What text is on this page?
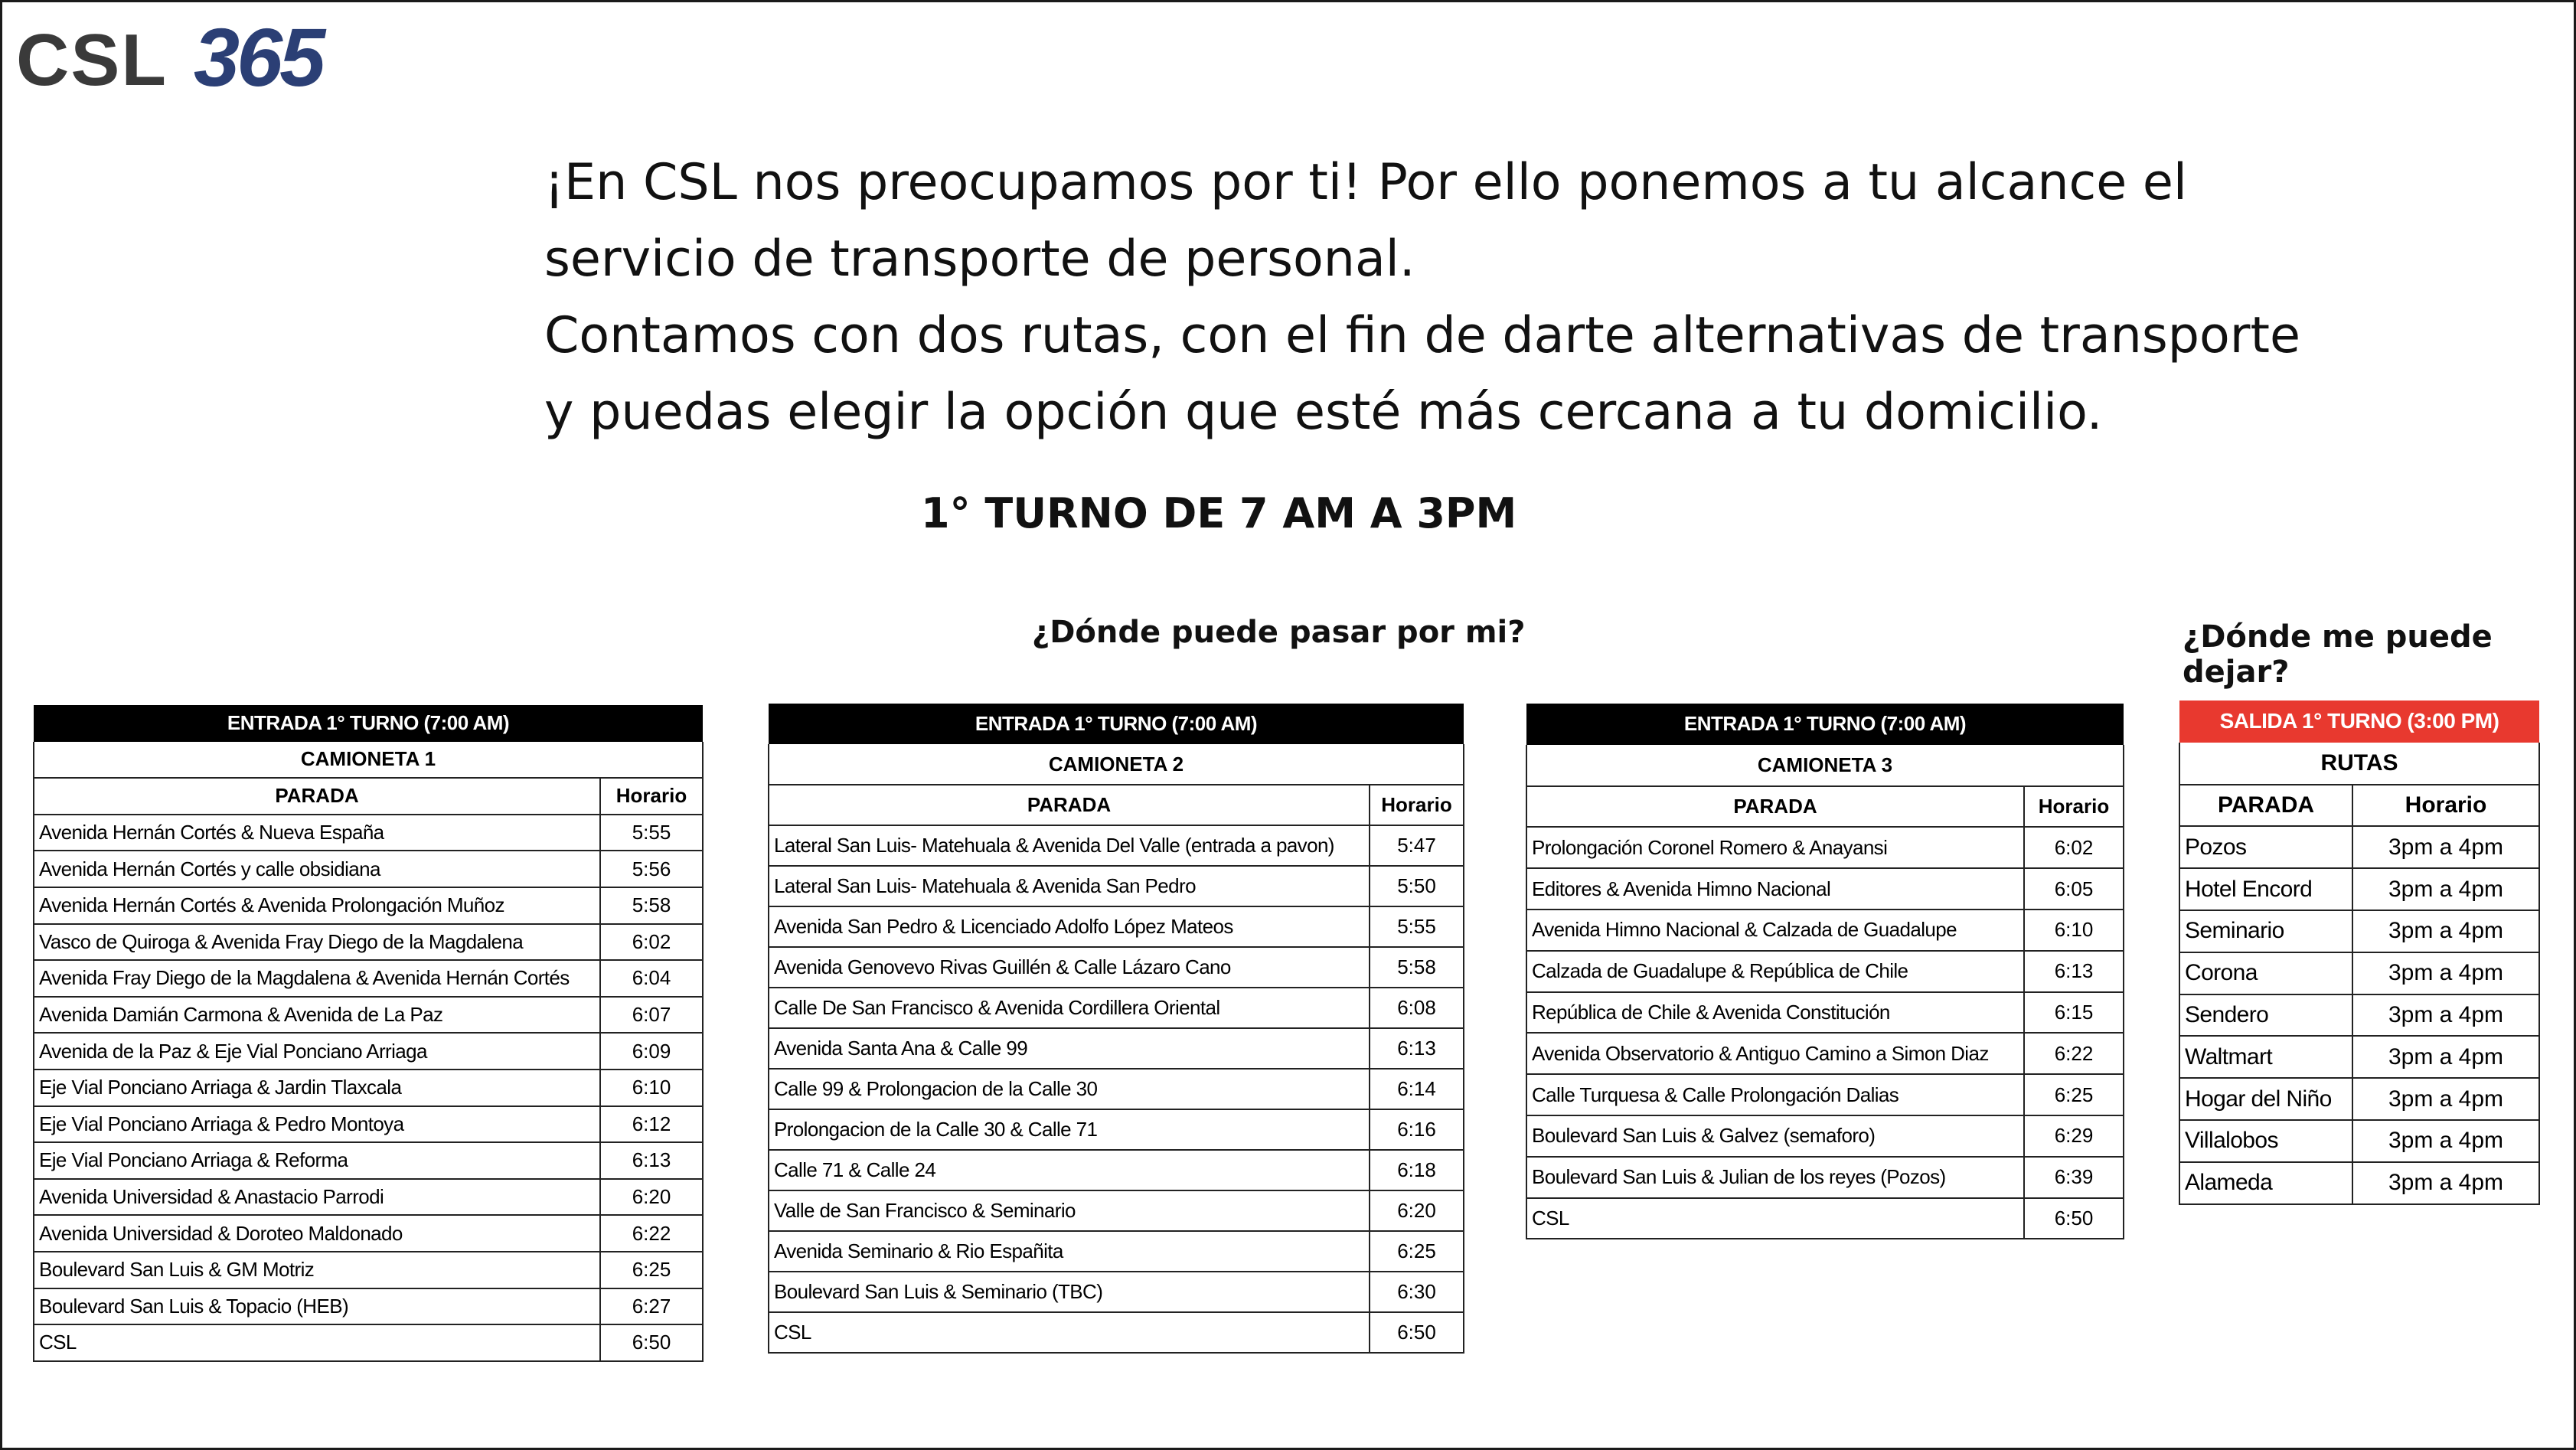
CSL 365

¡En CSL nos preocupamos por ti! Por ello ponemos a tu alcance el servicio de transporte de personal.

Contamos con dos rutas, con el fin de darte alternativas de transporte y puedas elegir la opción que esté más cercana a tu domicilio.

1° TURNO DE 7 AM A 3PM
¿Dónde puede pasar por mi?	¿Dónde me puede dejar?
ENTRADA 1° TURNO (7:00 AM)	
CAMIONETA 1	
PARADA	Horario
Avenida Hernán Cortés & Nueva España	5:55
Avenida Hernán Cortés y calle obsidiana	5:56
Avenida Hernán Cortés & Avenida Prolongación Muñoz	5:58
Vasco de Quiroga & Avenida Fray Diego de la Magdalena	6:02
Avenida Fray Diego de la Magdalena & Avenida Hernán Cortés	6:04
Avenida Damián Carmona & Avenida de La Paz	6:07
Avenida de la Paz & Eje Vial Ponciano Arriaga	6:09
Eje Vial Ponciano Arriaga & Jardin Tlaxcala	6:10
Eje Vial Ponciano Arriaga & Pedro Montoya	6:12
Eje Vial Ponciano Arriaga & Reforma	6:13
Avenida Universidad & Anastacio Parrodi	6:20
Avenida Universidad & Doroteo Maldonado	6:22
Boulevard San Luis & GM Motriz	6:25
Boulevard San Luis & Topacio (HEB)	6:27
CSL	6:50
ENTRADA 1° TURNO (7:00 AM)	
CAMIONETA 2	
PARADA	Horario
Lateral San Luis- Matehuala & Avenida Del Valle (entrada a pavon)	5:47
Lateral San Luis- Matehuala & Avenida San Pedro	5:50
Avenida San Pedro & Licenciado Adolfo López Mateos	5:55
Avenida Genovevo Rivas Guillén & Calle Lázaro Cano	5:58
Calle De San Francisco & Avenida Cordillera Oriental	6:08
Avenida Santa Ana & Calle 99	6:13
Calle 99 & Prolongacion de la Calle 30	6:14
Prolongacion de la Calle 30 & Calle 71	6:16
Calle 71 & Calle 24	6:18
Valle de San Francisco & Seminario	6:20
Avenida Seminario & Rio Españita	6:25
Boulevard San Luis & Seminario (TBC)	6:30
CSL	6:50
ENTRADA 1° TURNO (7:00 AM)	
CAMIONETA 3	
PARADA	Horario
Prolongación Coronel Romero & Anayansi	6:02
Editores & Avenida Himno Nacional	6:05
Avenida Himno Nacional & Calzada de Guadalupe	6:10
Calzada de Guadalupe & República de Chile	6:13
República de Chile & Avenida Constitución	6:15
Avenida Observatorio & Antiguo Camino a Simon Diaz	6:22
Calle Turquesa & Calle Prolongación Dalias	6:25
Boulevard San Luis & Galvez (semaforo)	6:29
Boulevard San Luis & Julian de los reyes (Pozos)	6:39
CSL	6:50
SALIDA 1° TURNO (3:00 PM)	
RUTAS	
PARADA	Horario
Pozos	3pm a 4pm
Hotel Encord	3pm a 4pm
Seminario	3pm a 4pm
Corona	3pm a 4pm
Sendero	3pm a 4pm
Waltmart	3pm a 4pm
Hogar del Niño	3pm a 4pm
Villalobos	3pm a 4pm
Alameda	3pm a 4pm
